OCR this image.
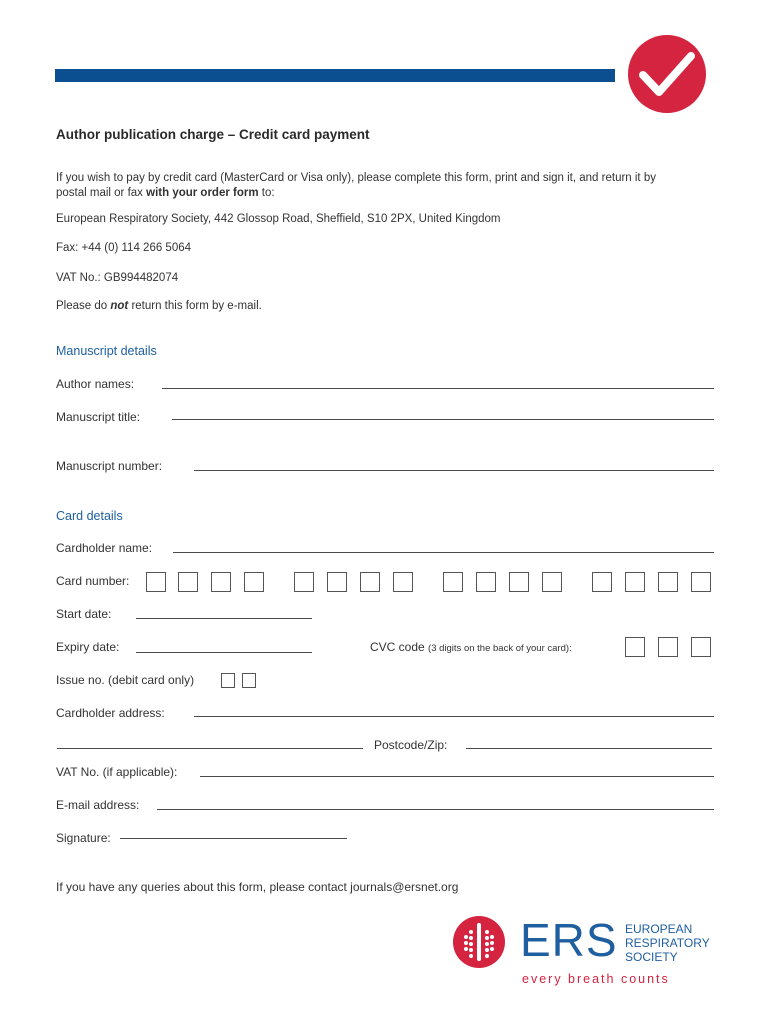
Author publication charge – Credit card payment
If you wish to pay by credit card (MasterCard or Visa only), please complete this form, print and sign it, and return it by
postal mail or fax with your order form to:
European Respiratory Society, 442 Glossop Road, Sheffield, S10 2PX, United Kingdom
Fax: +44 (0) 114 266 5064
VAT No.: GB994482074
Please do not return this form by e-mail.
Manuscript details
Author names:
Manuscript title:
Manuscript number:
Card details
Cardholder name:
Card number:
Start date:
Expiry date:	CVC code (3 digits on the back of your card):
Issue no. (debit card only)
Cardholder address:
Postcode/Zip:
VAT No. (if applicable):
E-mail address:
Signature:
If you have any queries about this form, please contact journals@ersnet.org
ERS EUROPEAN
RESPIRATORY
SOCIETY
every breath counts
